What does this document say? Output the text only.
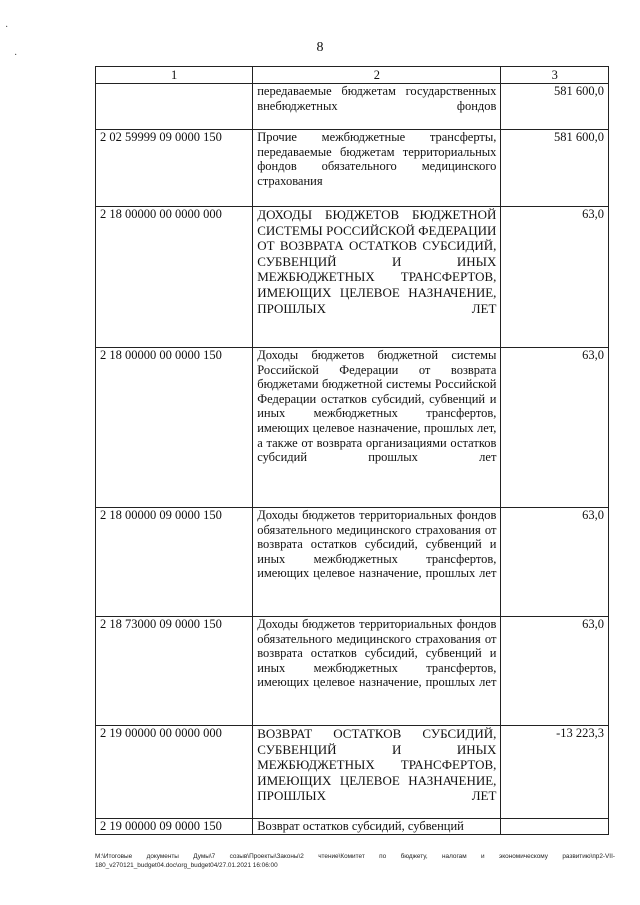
·
·
8
1	2	3
	передаваемые бюджетам государственных внебюджетных фондов	581 600,0
2 02 59999 09 0000 150	Прочие межбюджетные трансферты, передаваемые бюджетам территориальных фондов обязательного медицинского страхования	581 600,0
2 18 00000 00 0000 000	ДОХОДЫ БЮДЖЕТОВ БЮДЖЕТНОЙ СИСТЕМЫ РОССИЙСКОЙ ФЕДЕРАЦИИ ОТ ВОЗВРАТА ОСТАТКОВ СУБСИДИЙ, СУБВЕНЦИЙ И ИНЫХ МЕЖБЮДЖЕТНЫХ ТРАНСФЕРТОВ, ИМЕЮЩИХ ЦЕЛЕВОЕ НАЗНАЧЕНИЕ, ПРОШЛЫХ ЛЕТ	63,0
2 18 00000 00 0000 150	Доходы бюджетов бюджетной системы Российской Федерации от возврата бюджетами бюджетной системы Российской Федерации остатков субсидий, субвенций и иных межбюджетных трансфертов, имеющих целевое назначение, прошлых лет, а также от возврата организациями остатков субсидий прошлых лет	63,0
2 18 00000 09 0000 150	Доходы бюджетов территориальных фондов обязательного медицинского страхования от возврата остатков субсидий, субвенций и иных межбюджетных трансфертов, имеющих целевое назначение, прошлых лет	63,0
2 18 73000 09 0000 150	Доходы бюджетов территориальных фондов обязательного медицинского страхования от возврата остатков субсидий, субвенций и иных межбюджетных трансфертов, имеющих целевое назначение, прошлых лет	63,0
2 19 00000 00 0000 000	ВОЗВРАТ ОСТАТКОВ СУБСИДИЙ, СУБВЕНЦИЙ И ИНЫХ МЕЖБЮДЖЕТНЫХ ТРАНСФЕРТОВ, ИМЕЮЩИХ ЦЕЛЕВОЕ НАЗНАЧЕНИЕ, ПРОШЛЫХ ЛЕТ	-13 223,3
2 19 00000 09 0000 150	Возврат остатков субсидий, субвенций	
M:\Итоговые документы Думы\7 созыв\Проекты\Законы\2 чтение\Комитет по бюджету, налогам и экономическому развитию\пр2-VII-180_v270121_budget04.doc\org_budget04/27.01.2021 16:06:00
